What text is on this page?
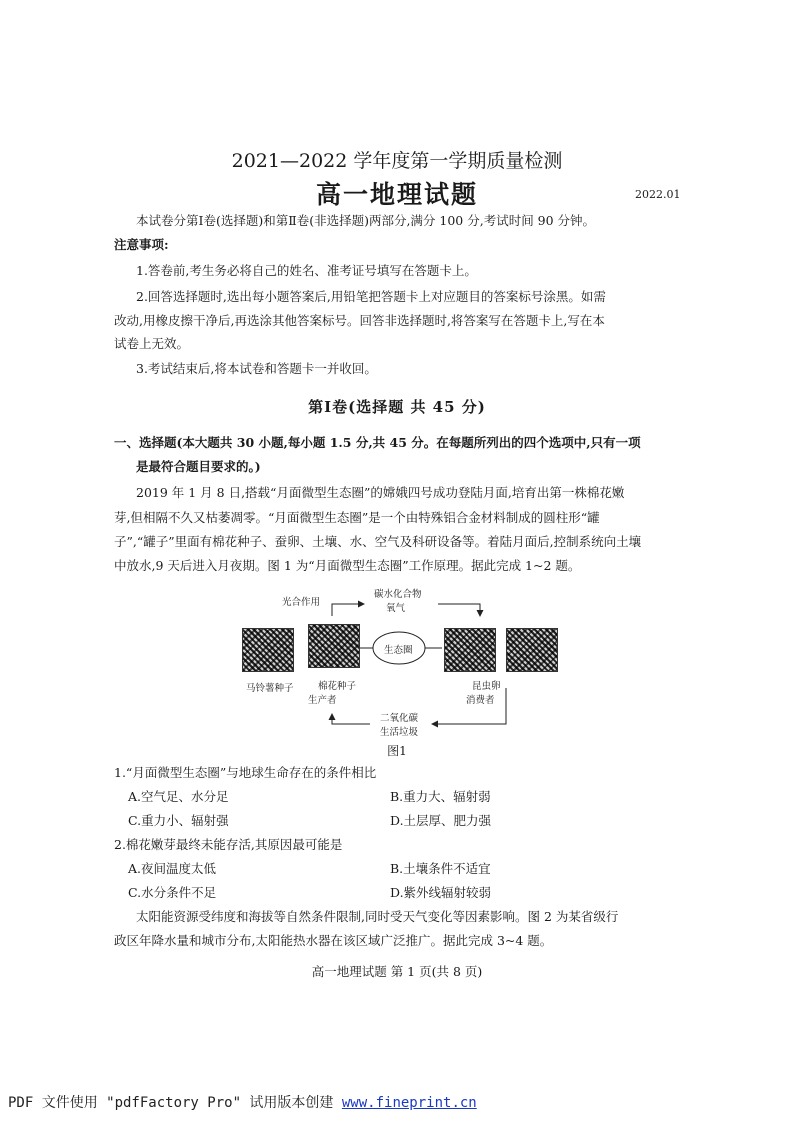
2021—2022 学年度第一学期质量检测
高一地理试题	2022.01
本试卷分第Ⅰ卷(选择题)和第Ⅱ卷(非选择题)两部分,满分 100 分,考试时间 90 分钟。
注意事项:
1.答卷前,考生务必将自己的姓名、准考证号填写在答题卡上。
2.回答选择题时,选出每小题答案后,用铅笔把答题卡上对应题目的答案标号涂黑。如需
改动,用橡皮擦干净后,再选涂其他答案标号。回答非选择题时,将答案写在答题卡上,写在本
试卷上无效。
3.考试结束后,将本试卷和答题卡一并收回。
第Ⅰ卷(选择题 共 45 分)
一、选择题(本大题共 30 小题,每小题 1.5 分,共 45 分。在每题所列出的四个选项中,只有一项
是最符合题目要求的。)
2019 年 1 月 8 日,搭载“月面微型生态圈”的嫦娥四号成功登陆月面,培育出第一株棉花嫩
芽,但相隔不久又枯萎凋零。“月面微型生态圈”是一个由特殊铝合金材料制成的圆柱形“罐
子”,“罐子”里面有棉花种子、蚕卵、土壤、水、空气及科研设备等。着陆月面后,控制系统向土壤
中放水,9 天后进入月夜期。图 1 为“月面微型生态圈”工作原理。据此完成 1~2 题。
光合作用
碳水化合物
氧气
生态圈
马铃薯种子	棉花种子
生产者
昆虫卵
消费者
二氧化碳
生活垃圾
图1
1.“月面微型生态圈”与地球生命存在的条件相比
A.空气足、水分足	B.重力大、辐射弱
C.重力小、辐射强	D.土层厚、肥力强
2.棉花嫩芽最终未能存活,其原因最可能是
A.夜间温度太低	B.土壤条件不适宜
C.水分条件不足	D.紫外线辐射较弱
太阳能资源受纬度和海拔等自然条件限制,同时受天气变化等因素影响。图 2 为某省级行
政区年降水量和城市分布,太阳能热水器在该区域广泛推广。据此完成 3~4 题。
高一地理试题 第 1 页(共 8 页)
PDF 文件使用 "pdfFactory Pro" 试用版本创建 www.fineprint.cn
